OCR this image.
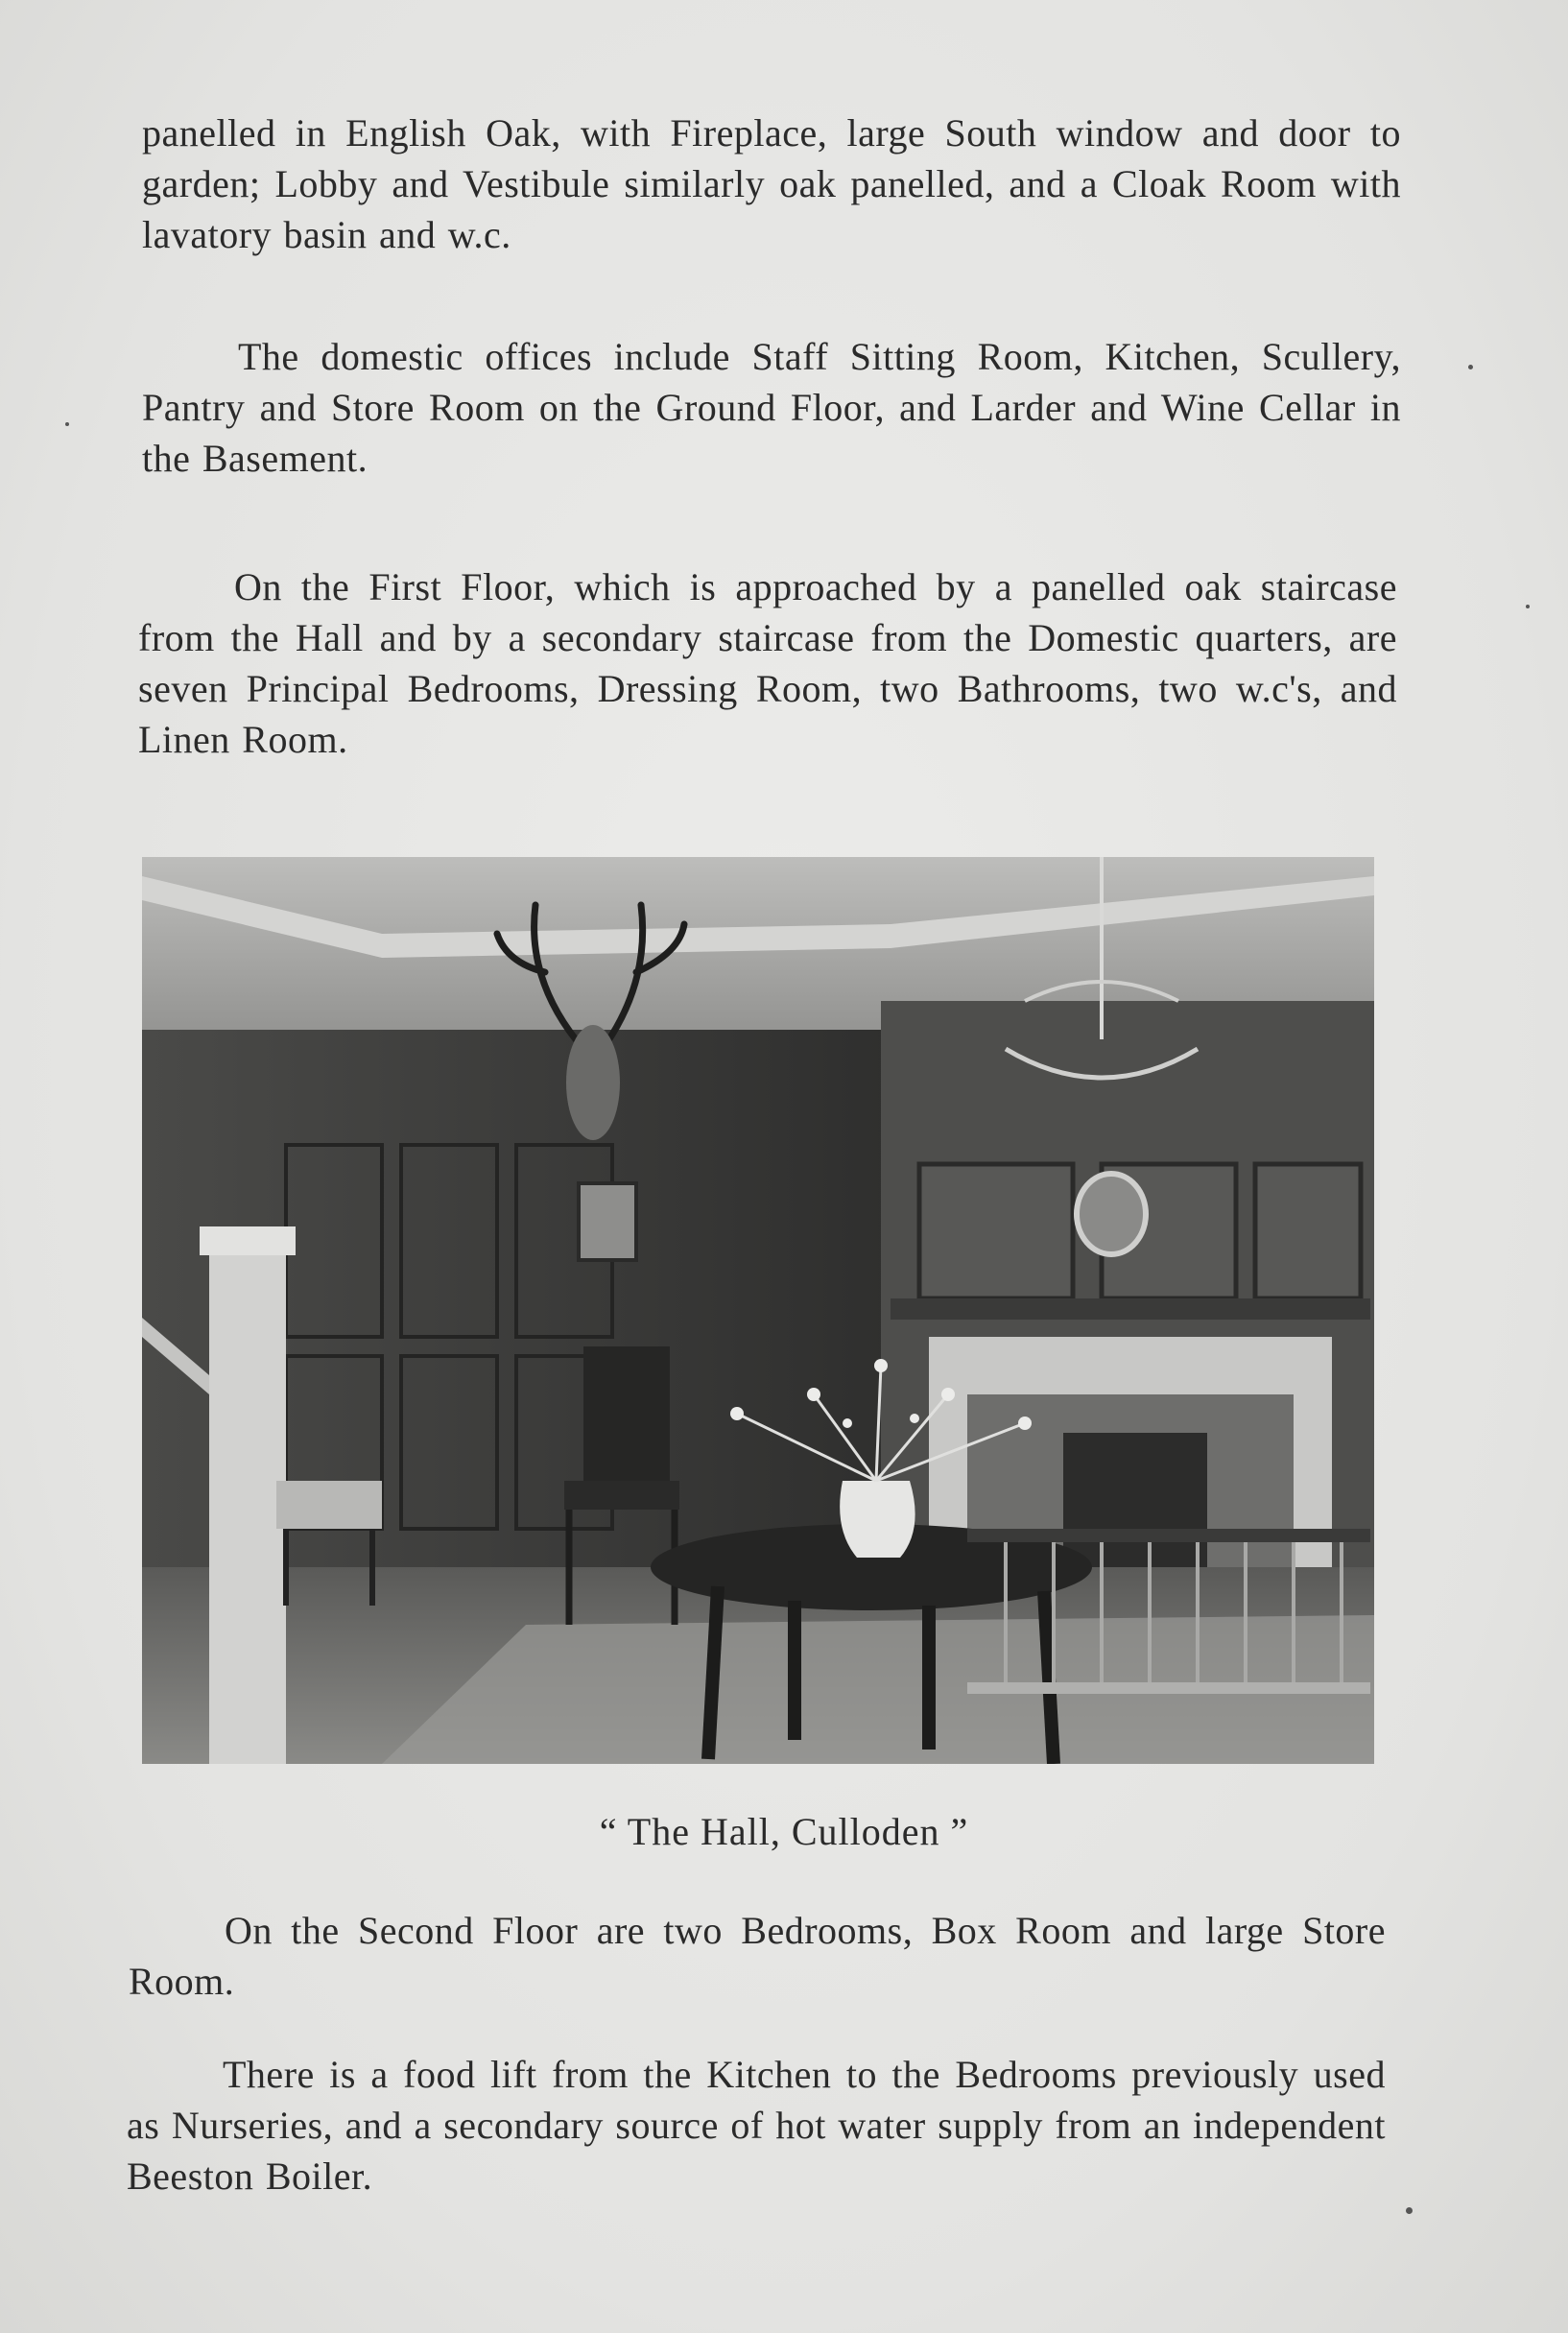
panelled in English Oak, with Fireplace, large South window and door to garden; Lobby and Vestibule similarly oak panelled, and a Cloak Room with lavatory basin and w.c.

The domestic offices include Staff Sitting Room, Kitchen, Scullery, Pantry and Store Room on the Ground Floor, and Larder and Wine Cellar in the Basement.

On the First Floor, which is approached by a panelled oak staircase from the Hall and by a secondary staircase from the Domestic quarters, are seven Principal Bedrooms, Dressing Room, two Bathrooms, two w.c's, and Linen Room.

“ The Hall, Culloden ”

On the Second Floor are two Bedrooms, Box Room and large Store Room.

There is a food lift from the Kitchen to the Bedrooms previously used as Nurseries, and a secondary source of hot water supply from an independent Beeston Boiler.
